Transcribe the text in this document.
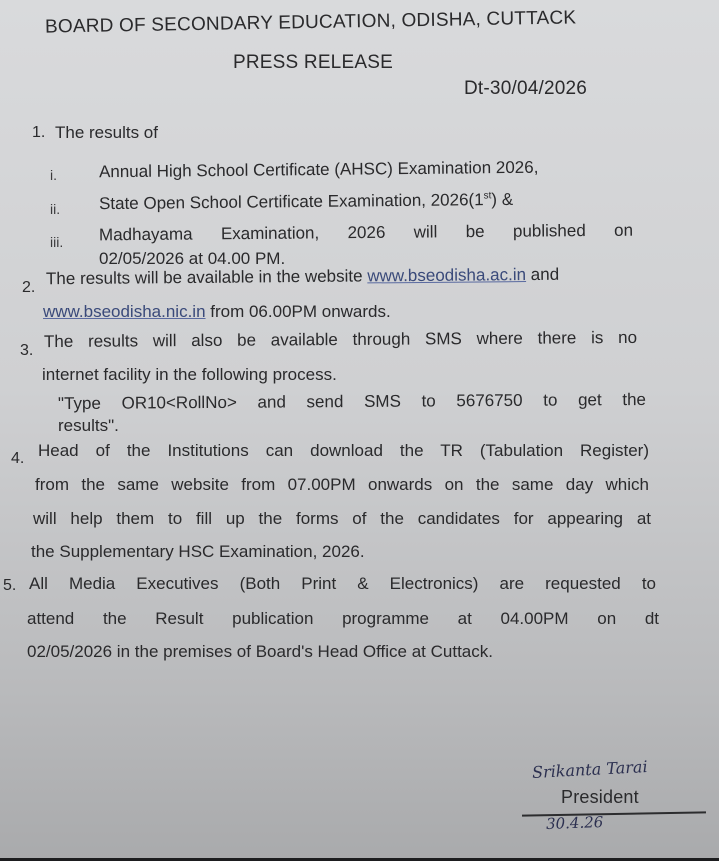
BOARD OF SECONDARY EDUCATION, ODISHA, CUTTACK
PRESS RELEASE
Dt-30/04/2026
1. The results of
i. Annual High School Certificate (AHSC) Examination 2026,
ii. State Open School Certificate Examination, 2026(1st) &
iii. Madhayama Examination, 2026 will be published on
02/05/2026 at 04.00 PM.
2. The results will be available in the website www.bseodisha.ac.in and
www.bseodisha.nic.in from 06.00PM onwards.
3. The results will also be available through SMS where there is no
internet facility in the following process.
"Type OR10<RollNo> and send SMS to 5676750 to get the
results".
4. Head of the Institutions can download the TR (Tabulation Register)
from the same website from 07.00PM onwards on the same day which
will help them to fill up the forms of the candidates for appearing at
the Supplementary HSC Examination, 2026.
5. All Media Executives (Both Print & Electronics) are requested to
attend the Result publication programme at 04.00PM on dt
02/05/2026 in the premises of Board's Head Office at Cuttack.
Srikanta Tarai
President
30.4.26
